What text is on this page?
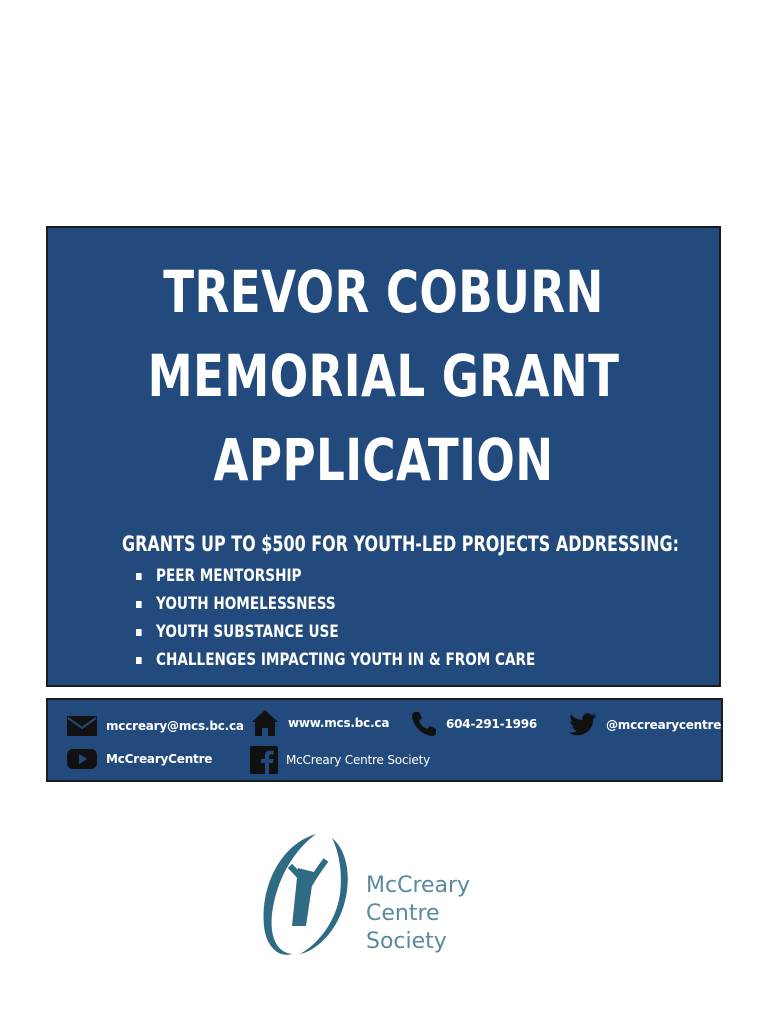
TREVOR COBURN
MEMORIAL GRANT
APPLICATION
GRANTS UP TO $500 FOR YOUTH-LED PROJECTS ADDRESSING:
PEER MENTORSHIP
YOUTH HOMELESSNESS
YOUTH SUBSTANCE USE
CHALLENGES IMPACTING YOUTH IN & FROM CARE
mccreary@mcs.bc.ca	www.mcs.bc.ca	604-291-1996	@mccrearycentre
McCrearyCentre	McCreary Centre Society
McCreary
Centre Society
